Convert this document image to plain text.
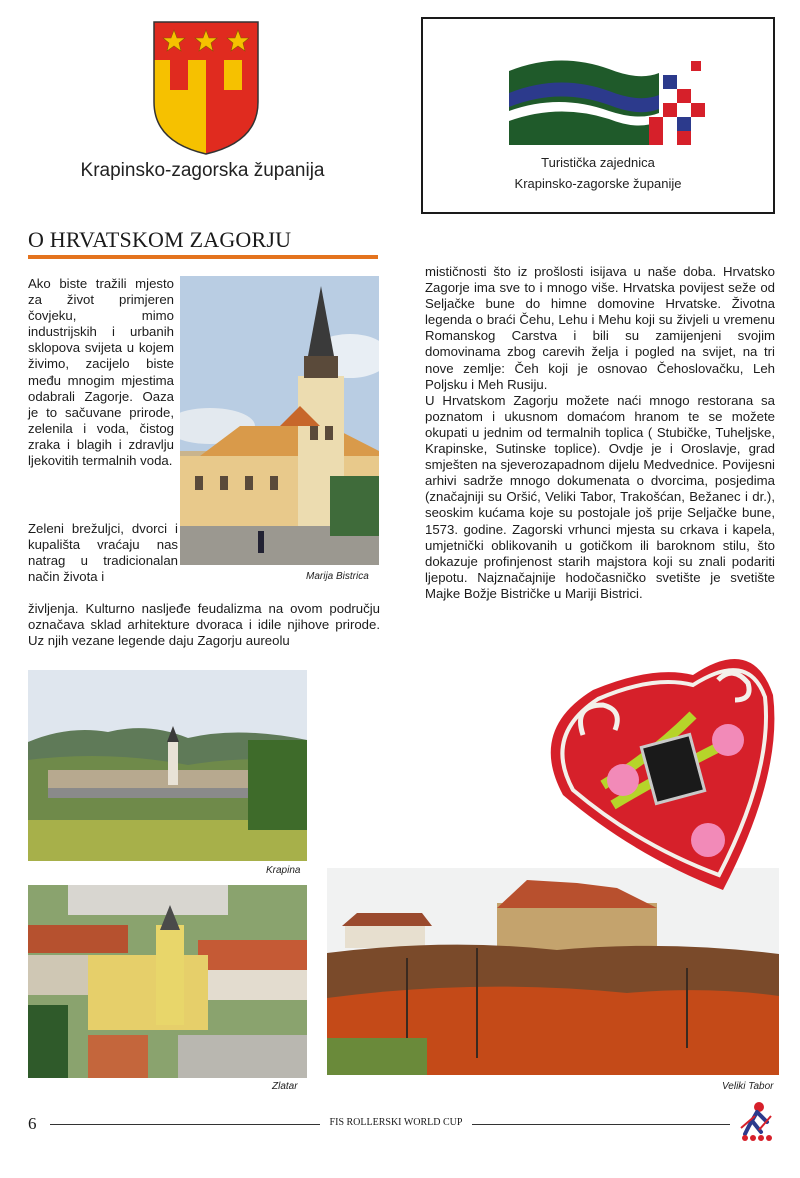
Krapinsko-zagorska županija	Turistička zajednica
Krapinsko-zagorske županije
O HRVATSKOM ZAGORJU
Ako biste tražili mjesto za život primjeren čovjeku, mimo industrijskih i urbanih sklopova svijeta u kojem živimo, zacijelo biste među mnogim mjestima odabrali Zagorje. Oaza je to sačuvane prirode, zelenila i voda, čistog zraka i blagih i zdravlju ljekovitih termalnih voda.
Zeleni brežuljci, dvorci i kupališta vraćaju nas natrag u tradicionalan način života i
življenja. Kulturno nasljeđe feudalizma na ovom području označava sklad arhitekture dvoraca i idile njihove prirode. Uz njih vezane legende daju Zagorju aureolu

mističnosti što iz prošlosti isijava u naše doba. Hrvatsko Zagorje ima sve to i mnogo više. Hrvatska povijest seže od Seljačke bune do himne domovine Hrvatske. Životna legenda o braći Čehu, Lehu i Mehu koji su živjeli u vremenu Romanskog Carstva i bili su zamijenjeni svojim domovinama zbog carevih želja i pogled na svijet, na tri nove zemlje: Čeh koji je osnovao Čehoslovačku, Leh Poljsku i Meh Rusiju.

U Hrvatskom Zagorju možete naći mnogo restorana sa poznatom i ukusnom domaćom hranom te se možete okupati u jednim od termalnih toplica ( Stubičke, Tuheljske, Krapinske, Sutinske toplice). Ovdje je i Oroslavje, grad smješten na sjeverozapadnom dijelu Medvednice. Povijesni arhivi sadrže mnogo dokumenata o dvorcima, posjedima (značajniji su Oršić, Veliki Tabor, Trakošćan, Bežanec i dr.), seoskim kućama koje su postojale još prije Seljačke bune, 1573. godine. Zagorski vrhunci mjesta su crkava i kapela, umjetnički oblikovanih u gotičkom ili baroknom stilu, što dokazuje profinjenost starih majstora koji su znali podariti ljepotu. Najznačajnije hodočasničko svetište je svetište Majke Božje Bistričke u Mariji Bistrici.

Marija Bistrica
Krapina
Zlatar	Veliki Tabor
6	FIS ROLLERSKI WORLD CUP
